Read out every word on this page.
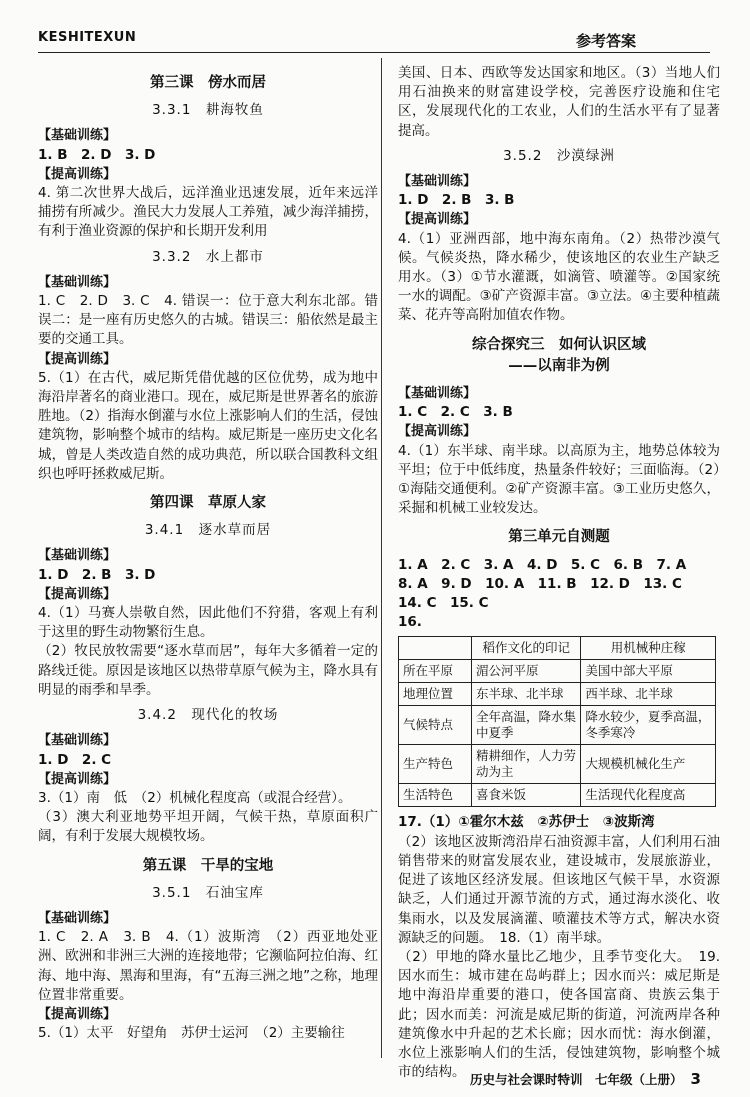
KESHITEXUN	参考答案
第三课　傍水而居
3.3.1　耕海牧鱼
【基础训练】

1. B　2. D　3. D

【提高训练】

4. 第二次世界大战后，远洋渔业迅速发展，近年来远洋捕捞有所减少。渔民大力发展人工养殖，减少海洋捕捞，有利于渔业资源的保护和长期开发利用

3.3.2　水上都市
【基础训练】

1. C　2. D　3. C　4. 错误一：位于意大利东北部。错误二：是一座有历史悠久的古城。错误三：船依然是最主要的交通工具。

【提高训练】

5.（1）在古代，威尼斯凭借优越的区位优势，成为地中海沿岸著名的商业港口。现在，威尼斯是世界著名的旅游胜地。（2）指海水倒灌与水位上涨影响人们的生活，侵蚀建筑物，影响整个城市的结构。威尼斯是一座历史文化名城，曾是人类改造自然的成功典范，所以联合国教科文组织也呼吁拯救威尼斯。

第四课　草原人家
3.4.1　逐水草而居
【基础训练】

1. D　2. B　3. D

【提高训练】

4.（1）马赛人崇敬自然，因此他们不狩猎，客观上有利于这里的野生动物繁衍生息。

（2）牧民放牧需要“逐水草而居”，每年大多循着一定的路线迁徙。原因是该地区以热带草原气候为主，降水具有明显的雨季和旱季。

3.4.2　现代化的牧场
【基础训练】

1. D　2. C

【提高训练】

3.（1）南　低　（2）机械化程度高（或混合经营）。

（3）澳大利亚地势平坦开阔，气候干热，草原面积广阔，有利于发展大规模牧场。

第五课　干旱的宝地
3.5.1　石油宝库
【基础训练】

1. C　2. A　3. B　4.（1）波斯湾　（2）西亚地处亚洲、欧洲和非洲三大洲的连接地带；它濒临阿拉伯海、红海、地中海、黑海和里海，有“五海三洲之地”之称，地理位置非常重要。

【提高训练】

5.（1）太平　好望角　苏伊士运河　（2）主要输往

美国、日本、西欧等发达国家和地区。（3）当地人们用石油换来的财富建设学校，完善医疗设施和住宅区，发展现代化的工农业，人们的生活水平有了显著提高。

3.5.2　沙漠绿洲
【基础训练】

1. D　2. B　3. B

【提高训练】

4.（1）亚洲西部，地中海东南角。（2）热带沙漠气候。气候炎热，降水稀少，使该地区的农业生产缺乏用水。（3）①节水灌溉，如滴管、喷灌等。②国家统一水的调配。③矿产资源丰富。③立法。④主要种植蔬菜、花卉等高附加值农作物。

综合探究三　如何认识区域
——以南非为例
【基础训练】

1. C　2. C　3. B

【提高训练】

4.（1）东半球、南半球。以高原为主，地势总体较为平坦；位于中低纬度，热量条件较好；三面临海。（2）①海陆交通便利。②矿产资源丰富。③工业历史悠久，采掘和机械工业较发达。

第三单元自测题

1. A　2. C　3. A　4. D　5. C　6. B　7. A

8. A　9. D　10. A　11. B　12. D　13. C

14. C　15. C

16.

	稻作文化的印记	用机械种庄稼
所在平原	湄公河平原	美国中部大平原
地理位置	东半球、北半球	西半球、北半球
气候特点	全年高温，降水集中夏季	降水较少，夏季高温，冬季寒冷
生产特色	精耕细作，人力劳动为主	大规模机械化生产
生活特色	喜食米饭	生活现代化程度高

17.（1）①霍尔木兹　②苏伊士　③波斯湾

（2）该地区波斯湾沿岸石油资源丰富，人们利用石油销售带来的财富发展农业，建设城市，发展旅游业，促进了该地区经济发展。但该地区气候干旱，水资源缺乏，人们通过开源节流的方式，通过海水淡化、收集雨水，以及发展滴灌、喷灌技术等方式，解决水资源缺乏的问题。　18.（1）南半球。

（2）甲地的降水量比乙地少，且季节变化大。　19. 因水而生：城市建在岛屿群上；因水而兴：威尼斯是地中海沿岸重要的港口，使各国富商、贵族云集于此；因水而美：河流是威尼斯的街道，河流两岸各种建筑像水中升起的艺术长廊；因水而忧：海水倒灌，水位上涨影响人们的生活，侵蚀建筑物，影响整个城市的结构。 历史与社会课时特训　七年级（上册） 3
